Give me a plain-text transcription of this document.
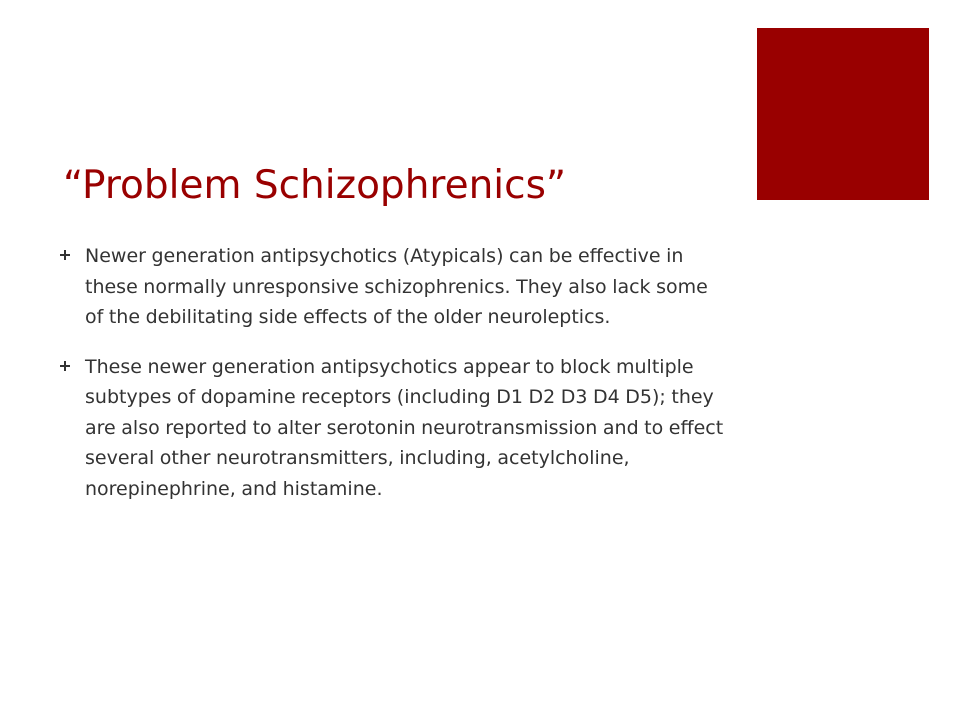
“Problem Schizophrenics”
Newer generation antipsychotics (Atypicals) can be effective in these normally unresponsive schizophrenics. They also lack some of the debilitating side effects of the older neuroleptics.
These newer generation antipsychotics appear to block multiple subtypes of dopamine receptors (including D1 D2 D3 D4 D5); they are also reported to alter serotonin neurotransmission and to effect several other neurotransmitters, including, acetylcholine, norepinephrine, and histamine.
